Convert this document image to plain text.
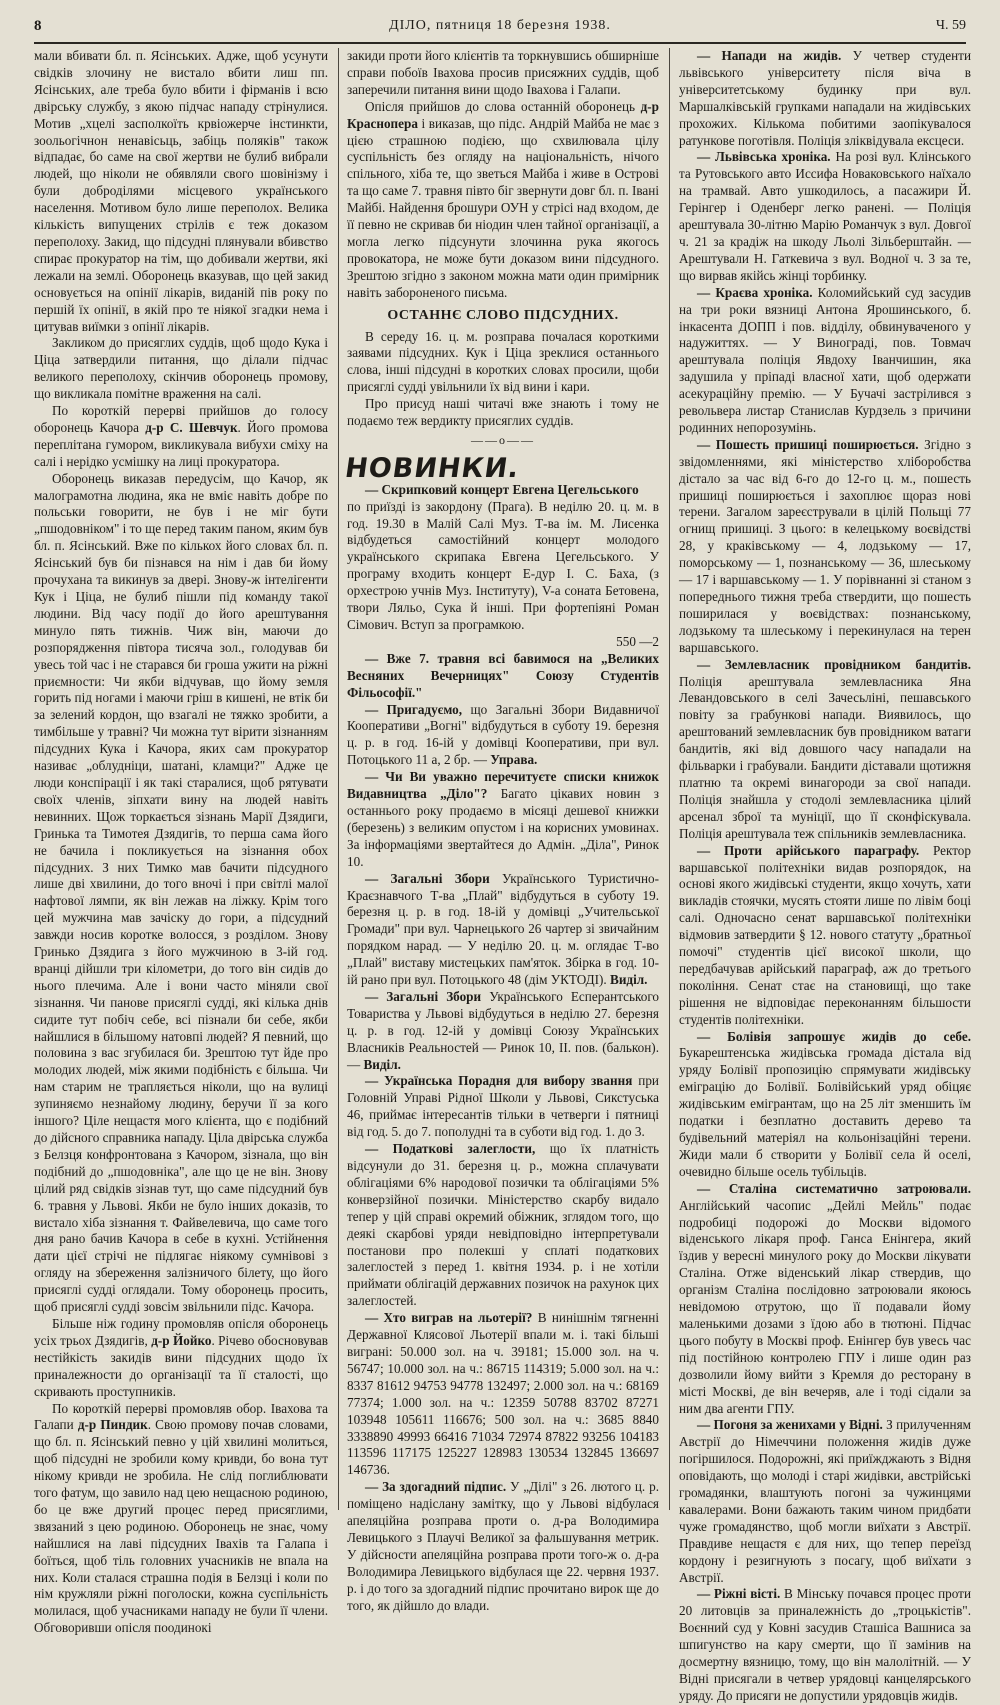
8	ДІЛО, пятниця 18 березня 1938.	Ч. 59

мали вбивати бл. п. Ясінських. Адже, щоб усунути свідків злочину не вистало вбити лиш пп. Ясінських, але треба було вбити і фірманів і всю двірську службу, з якою підчас нападу стрінулися. Мотив „хцелі засполкоїть крвіожерче інстинкти, зоольогічнон ненавісьць, забіць поляків" також відпадає, бо саме на свої жертви не булиб вибрали людей, що ніколи не обявляли свого шовінізму і були доброділями місцевого українського населення. Мотивом було лише переполох. Велика кількість випущених стрілів є теж доказом переполоху. Закид, що підсудні плянували вбивство спирає прокуратор на тім, що добивали жертви, які лежали на землі. Оборонець вказував, що цей закид основується на опінії лікарів, виданій пів року по першій їх опінії, в якій про те ніякої згадки нема і цитував виїмки з опінії лікарів.

Закликом до присяглих суддів, щоб щодо Кука і Ціца затвердили питання, що ділали підчас великого переполоху, скінчив оборонець промову, що викликала помітне враження на салі.

По короткій перерві прийшов до голосу оборонець Качора д-р С. Шевчук. Його промова переплітана гумором, викликувала вибухи сміху на салі і нерідко усмішку на лиці прокуратора.

Оборонець виказав передусім, що Качор, як малограмотна людина, яка не вміє навіть добре по польськи говорити, не був і не міг бути „пшодовніком" і то ще перед таким паном, яким був бл. п. Ясінський. Вже по кількох його словах бл. п. Ясінський був би пізнався на нім і дав би йому прочухана та викинув за двері. Знову-ж інтелігенти Кук і Ціца, не булиб пішли під команду такої людини. Від часу події до його арештування минуло пять тижнів. Чиж він, маючи до розпорядження півтора тисяча зол., голодував би увесь той час і не старався би гроша ужити на ріжні приємности: Чи якби відчував, що йому земля горить під ногами і маючи гріш в кишені, не втік би за зелений кордон, що взагалі не тяжко зробити, а тимбільше у травні? Чи можна тут вірити зізнанням підсудних Кука і Качора, яких сам прокуратор називає „облудніци, шатані, кламци?" Адже це люди конспірації і як такі старалися, щоб рятувати своїх членів, зіпхати вину на людей навіть невинних. Щож торкається зізнань Марії Дзядиги, Гринька та Тимотея Дзядигів, то перша сама його не бачила і покликується на зізнання обох підсудних. З них Тимко мав бачити підсудного лише дві хвилини, до того вночі і при світлі малої нафтової лямпи, як він лежав на ліжку. Крім того цей мужчина мав зачіску до гори, а підсудний завжди носив коротке волосся, з розділом. Знову Гринько Дзядига з його мужчиною в 3-ій год. вранці дійшли три кілометри, до того він сидів до нього плечима. Але і вони часто міняли свої зізнання. Чи панове присяглі судді, які кілька днів сидите тут побіч себе, всі пізнали би себе, якби найшлися в більшому натовпі людей? Я певний, що половина з вас згубилася би. Зрештою тут йде про молодих людей, між якими подібність є більша. Чи нам старим не трапляється ніколи, що на вулиці зупиняємо незнайому людину, беручи її за кого іншого? Ціле нещастя мого клієнта, що є подібний до дійсного справника нападу. Ціла двірська служба з Белзця конфронтована з Качором, зізнала, що він подібний до „пшодовніка", але що це не він. Знову цілий ряд свідків зізнав тут, що саме підсудний був 6. травня у Львові. Якби не було інших доказів, то вистало хіба зізнання т. Файвелевича, що саме того дня рано бачив Качора в себе в кухні. Устійнення дати цієї стрічі не підлягає ніякому сумнівові з огляду на збереження залізничого білету, що його присяглі судді оглядали. Тому оборонець просить, щоб присяглі судді зовсім звільнили підс. Качора.

Більше ніж годину промовляв опісля оборонець усіх трьох Дзядигів, д-р Йойко. Річево обосновував нестійкість закидів вини підсудних щодо їх приналежности до організації та її сталості, що скривають проступників.

По короткій перерві промовляв обор. Івахова та Галапи д-р Пиндик. Свою промову почав словами, що бл. п. Ясінський певно у цій хвилині молиться, щоб підсудні не зробили кому кривди, бо вона тут нікому кривди не зробила. Не слід поглиблювати того фатум, що завило над цею нещасною родиною, бо це вже другий процес перед присяглими, звязаний з цею родиною. Оборонець не знає, чому найшлися на лаві підсудних Івахів та Галапа і боїться, щоб тіль головних учасників не впала на них. Коли сталася страшна подія в Белзці і коли по нім кружляли ріжні поголоски, кожна суспільність молилася, щоб учасниками нападу не були її члени. Обговоривши опісля поодинокі

закиди проти його клієнтів та торкнувшись обширніше справи побоїв Івахова просив присяжних суддів, щоб заперечили питання вини щодо Івахова і Галапи.

Опісля прийшов до слова останній оборонець д-р Краснопера і виказав, що підс. Андрій Майба не має з цією страшною подією, що схвилювала цілу суспільність без огляду на національність, нічого спільного, хіба те, що зветься Майба і живе в Острові та що саме 7. травня півто біг звернути довг бл. п. Івані Майбі. Найдення брошури ОУН у стрісі над входом, де її певно не скривав би ніодин член тайної організації, а могла легко підсунути злочинна рука якогось провокатора, не може бути доказом вини підсудного. Зрештою згідно з законом можна мати один примірник навіть забороненого письма.

ОСТАННЄ СЛОВО ПІДСУДНИХ.

В середу 16. ц. м. розправа почалася короткими заявами підсудних. Кук і Ціца зреклися останнього слова, інші підсудні в коротких словах просили, щоби присяглі судді увільнили їх від вини і кари.

Про присуд наші читачі вже знають і тому не подаємо теж вердикту присяглих суддів.

——o——
НОВИНКИ.

— Скрипковий концерт Евгена Цегельського
по приїзді із закордону (Прага). В неділю 20. ц. м. в год. 19.30 в Малій Салі Муз. Т-ва ім. М. Лисенка відбудеться самостійний концерт молодого українського скрипака Евгена Цегельського. У програму входить концерт Е-дур І. С. Баха, (з орхестрою учнів Муз. Інституту), V-а соната Бетовена, твори Ляльо, Сука й інші. При фортепіяні Роман Сімович. Вступ за програмкою.
550 —2

— Вже 7. травня всі бавимося на „Великих Весняних Вечерницях" Союзу Студентів Фільософії."

— Пригадуємо, що Загальні Збори Видавничої Кооперативи „Вогні" відбудуться в суботу 19. березня ц. р. в год. 16-ій у домівці Кооперативи, при вул. Потоцького 11 а, 2 бр. — Управа.

— Чи Ви уважно перечитуєте списки книжок Видавництва „Діло"? Багато цікавих новин з останнього року продаємо в місяці дешевої книжки (березень) з великим опустом і на корисних умовинах. За інформаціями звертайтеся до Адмін. „Діла", Ринок 10.

— Загальні Збори Українського Туристично-Краєзнавчого Т-ва „Плай" відбудуться в суботу 19. березня ц. р. в год. 18-ій у домівці „Учительської Громади" при вул. Чарнецького 26 чартер зі звичайним порядком нарад. — У неділю 20. ц. м. оглядає Т-во „Плай" виставу мистецьких пам'яток. Збірка в год. 10-ій рано при вул. Потоцького 48 (дім УКТОДІ). Виділ.

— Загальні Збори Українського Есперантського Товариства у Львові відбудуться в неділю 27. березня ц. р. в год. 12-ій у домівці Союзу Українських Власників Реальностей — Ринок 10, II. пов. (балькон). — Виділ.

— Українська Порадня для вибору звання при Головній Управі Рідної Школи у Львові, Сикстуська 46, приймає інтересантів тільки в четверги і пятниці від год. 5. до 7. пополудні та в суботи від год. 1. до 3.

— Податкові залеглости, що їх платність відсунули до 31. березня ц. р., можна сплачувати облігаціями 6% народової позички та облігаціями 5% конверзійної позички. Міністерство скарбу видало тепер у цій справі окремий обіжник, зглядом того, що деякі скарбові уряди невідповідно інтерпретували постанови про полекші у сплаті податкових залеглостей з перед 1. квітня 1934. р. і не хотіли приймати облігацій державних позичок на рахунок цих залеглостей.

— Хто виграв на льотерії? В нинішнім тягненні Державної Клясової Льотерії впали м. і. такі більші виграні: 50.000 зол. на ч. 39181; 15.000 зол. на ч. 56747; 10.000 зол. на ч.: 86715 114319; 5.000 зол. на ч.: 8337 81612 94753 94778 132497; 2.000 зол. на ч.: 68169 77374; 1.000 зол. на ч.: 12359 50788 83702 87271 103948 105611 116676; 500 зол. на ч.: 3685 8840 3338890 49993 66416 71034 72974 87822 93256 104183 113596 117175 125227 128983 130534 132845 136697 146736.

— За здогадний підпис. У „Ділі" з 26. лютого ц. р. поміщено надіслану замітку, що у Львові відбулася апеляційна розправа проти о. д-ра Володимира Левицького з Плаучі Великої за фальшування метрик. У дійсности апеляційна розправа проти того-ж о. д-ра Володимира Левицького відбулася ще 22. червня 1937. р. і до того за здогадний підпис прочитано вирок ще до того, як дійшло до влади.

— Напади на жидів. У четвер студенти львівського університету після віча в університетському будинку при вул. Маршалківській групками нападали на жидівських прохожих. Кількома побитими заопікувалося ратункове поготівля. Поліція зліквідувала ексцеси.

— Львівська хроніка. На розі вул. Клінського та Рутовського авто Иссифа Новаковського наїхало на трамвай. Авто ушкодилось, а пасажири Й. Герінгер і Оденберг легко ранені. — Поліція арештувала 30-літню Марію Романчук з вул. Довгої ч. 21 за крадіж на шкоду Льолі Зільберштайн. — Арештували Н. Гаткевича з вул. Водної ч. 3 за те, що вирвав якійсь жінці торбинку.

— Краєва хроніка. Коломийський суд засудив на три роки вязниці Антона Ярошинського, б. інкасента ДОПП і пов. відділу, обвинуваченого у надужиттях. — У Винограді, пов. Товмач арештувала поліція Явдоху Іванчишин, яка задушила у пріпаді власної хати, щоб одержати асекураційну премію. — У Бучачі застрілився з револьвера листар Станислав Курдзель з причини родинних непорозумінь.

— Пошесть пришиці поширюється. Згідно з звідомленнями, які міністерство хліборобства дістало за час від 6-го до 12-го ц. м., пошесть пришиці поширюється і захоплює щораз нові терени. Загалом зареєстрували в цілій Польщі 77 огнищ пришиці. З цього: в келецькому воєвідстві 28, у краківському — 4, лодзькому — 17, поморському — 1, познанському — 36, шлеському — 17 і варшавському — 1. У порівнанні зі станом з попереднього тижня треба ствердити, що пошесть поширилася у воєвідствах: познанському, лодзькому та шлеському і перекинулася на терен варшавського.

— Землевласник провідником бандитів. Поліція арештувала землевласника Яна Левандовського в селі Зачесьліні, пешавського повіту за грабункові напади. Виявилось, що арештований землевласник був провідником ватаги бандитів, які від довшого часу нападали на фільварки і грабували. Бандити діставали щотижня платню та окремі винагороди за свої напади. Поліція знайшла у стодолі землевласника цілий арсенал зброї та муніції, що її сконфіскувала. Поліція арештувала теж спільників землевласника.

— Проти арійського параграфу. Ректор варшавської політехніки видав розпорядок, на основі якого жидівські студенти, якщо хочуть, хати викладів стоячки, мусять стояти лише по лівім боці салі. Одночасно сенат варшавської політехніки відмовив затвердити § 12. нового статуту „братньої помочі" студентів цієї високої школи, що передбачував арійський параграф, аж до третього покоління. Сенат стає на становищі, що таке рішення не відповідає переконанням більшости студентів політехніки.

— Болівія запрошує жидів до себе. Букарештенська жидівська громада дістала від уряду Болівії пропозицію спрямувати жидівську еміграцію до Болівії. Болівійський уряд обіцяє жидівським емігрантам, що на 25 літ зменшить їм податки і безплатно доставить дерево та будівельний матеріял на кольонізаційні терени. Жиди мали б створити у Болівії села й оселі, очевидно більше осель тубільців.

— Сталіна систематично затроювали. Англійський часопис „Дейлі Мейль" подає подробиці подорожі до Москви відомого віденського лікаря проф. Ганса Енінгера, який їздив у вересні минулого року до Москви лікувати Сталіна. Отже віденський лікар ствердив, що організм Сталіна послідовно затроювали якоюсь невідомою отрутою, що її подавали йому маленькими дозами з їдою або в тютюні. Підчас цього побуту в Москві проф. Енінгер був увесь час під постійною контролею ГПУ і лише один раз дозволили йому вийти з Кремля до ресторану в місті Москві, де він вечеряв, але і тоді сідали за ним два агенти ГПУ.

— Погоня за женихами у Відні. З прилученням Австрії до Німеччини положення жидів дуже погіршилося. Подорожні, які приїжджають з Відня оповідають, що молоді і старі жидівки, австрійські громадянки, влаштують погоні за чужинцями кавалерами. Вони бажають таким чином придбати чуже громадянство, щоб могли виїхати з Австрії. Правдиве нещастя є для них, що тепер переїзд кордону і резигнують з посагу, щоб виїхати з Австрії.

— Ріжні вісті. В Мінську почався процес проти 20 литовців за приналежність до „троцькістів". Воєнний суд у Ковні засудив Сташіса Вашниса за шпигунство на кару смерти, що її замінив на досмертну вязницю, тому, що він малолітній. — У Відні присягали в четвер урядовці канцелярського уряду. До присяги не допустили урядовців жидів.
